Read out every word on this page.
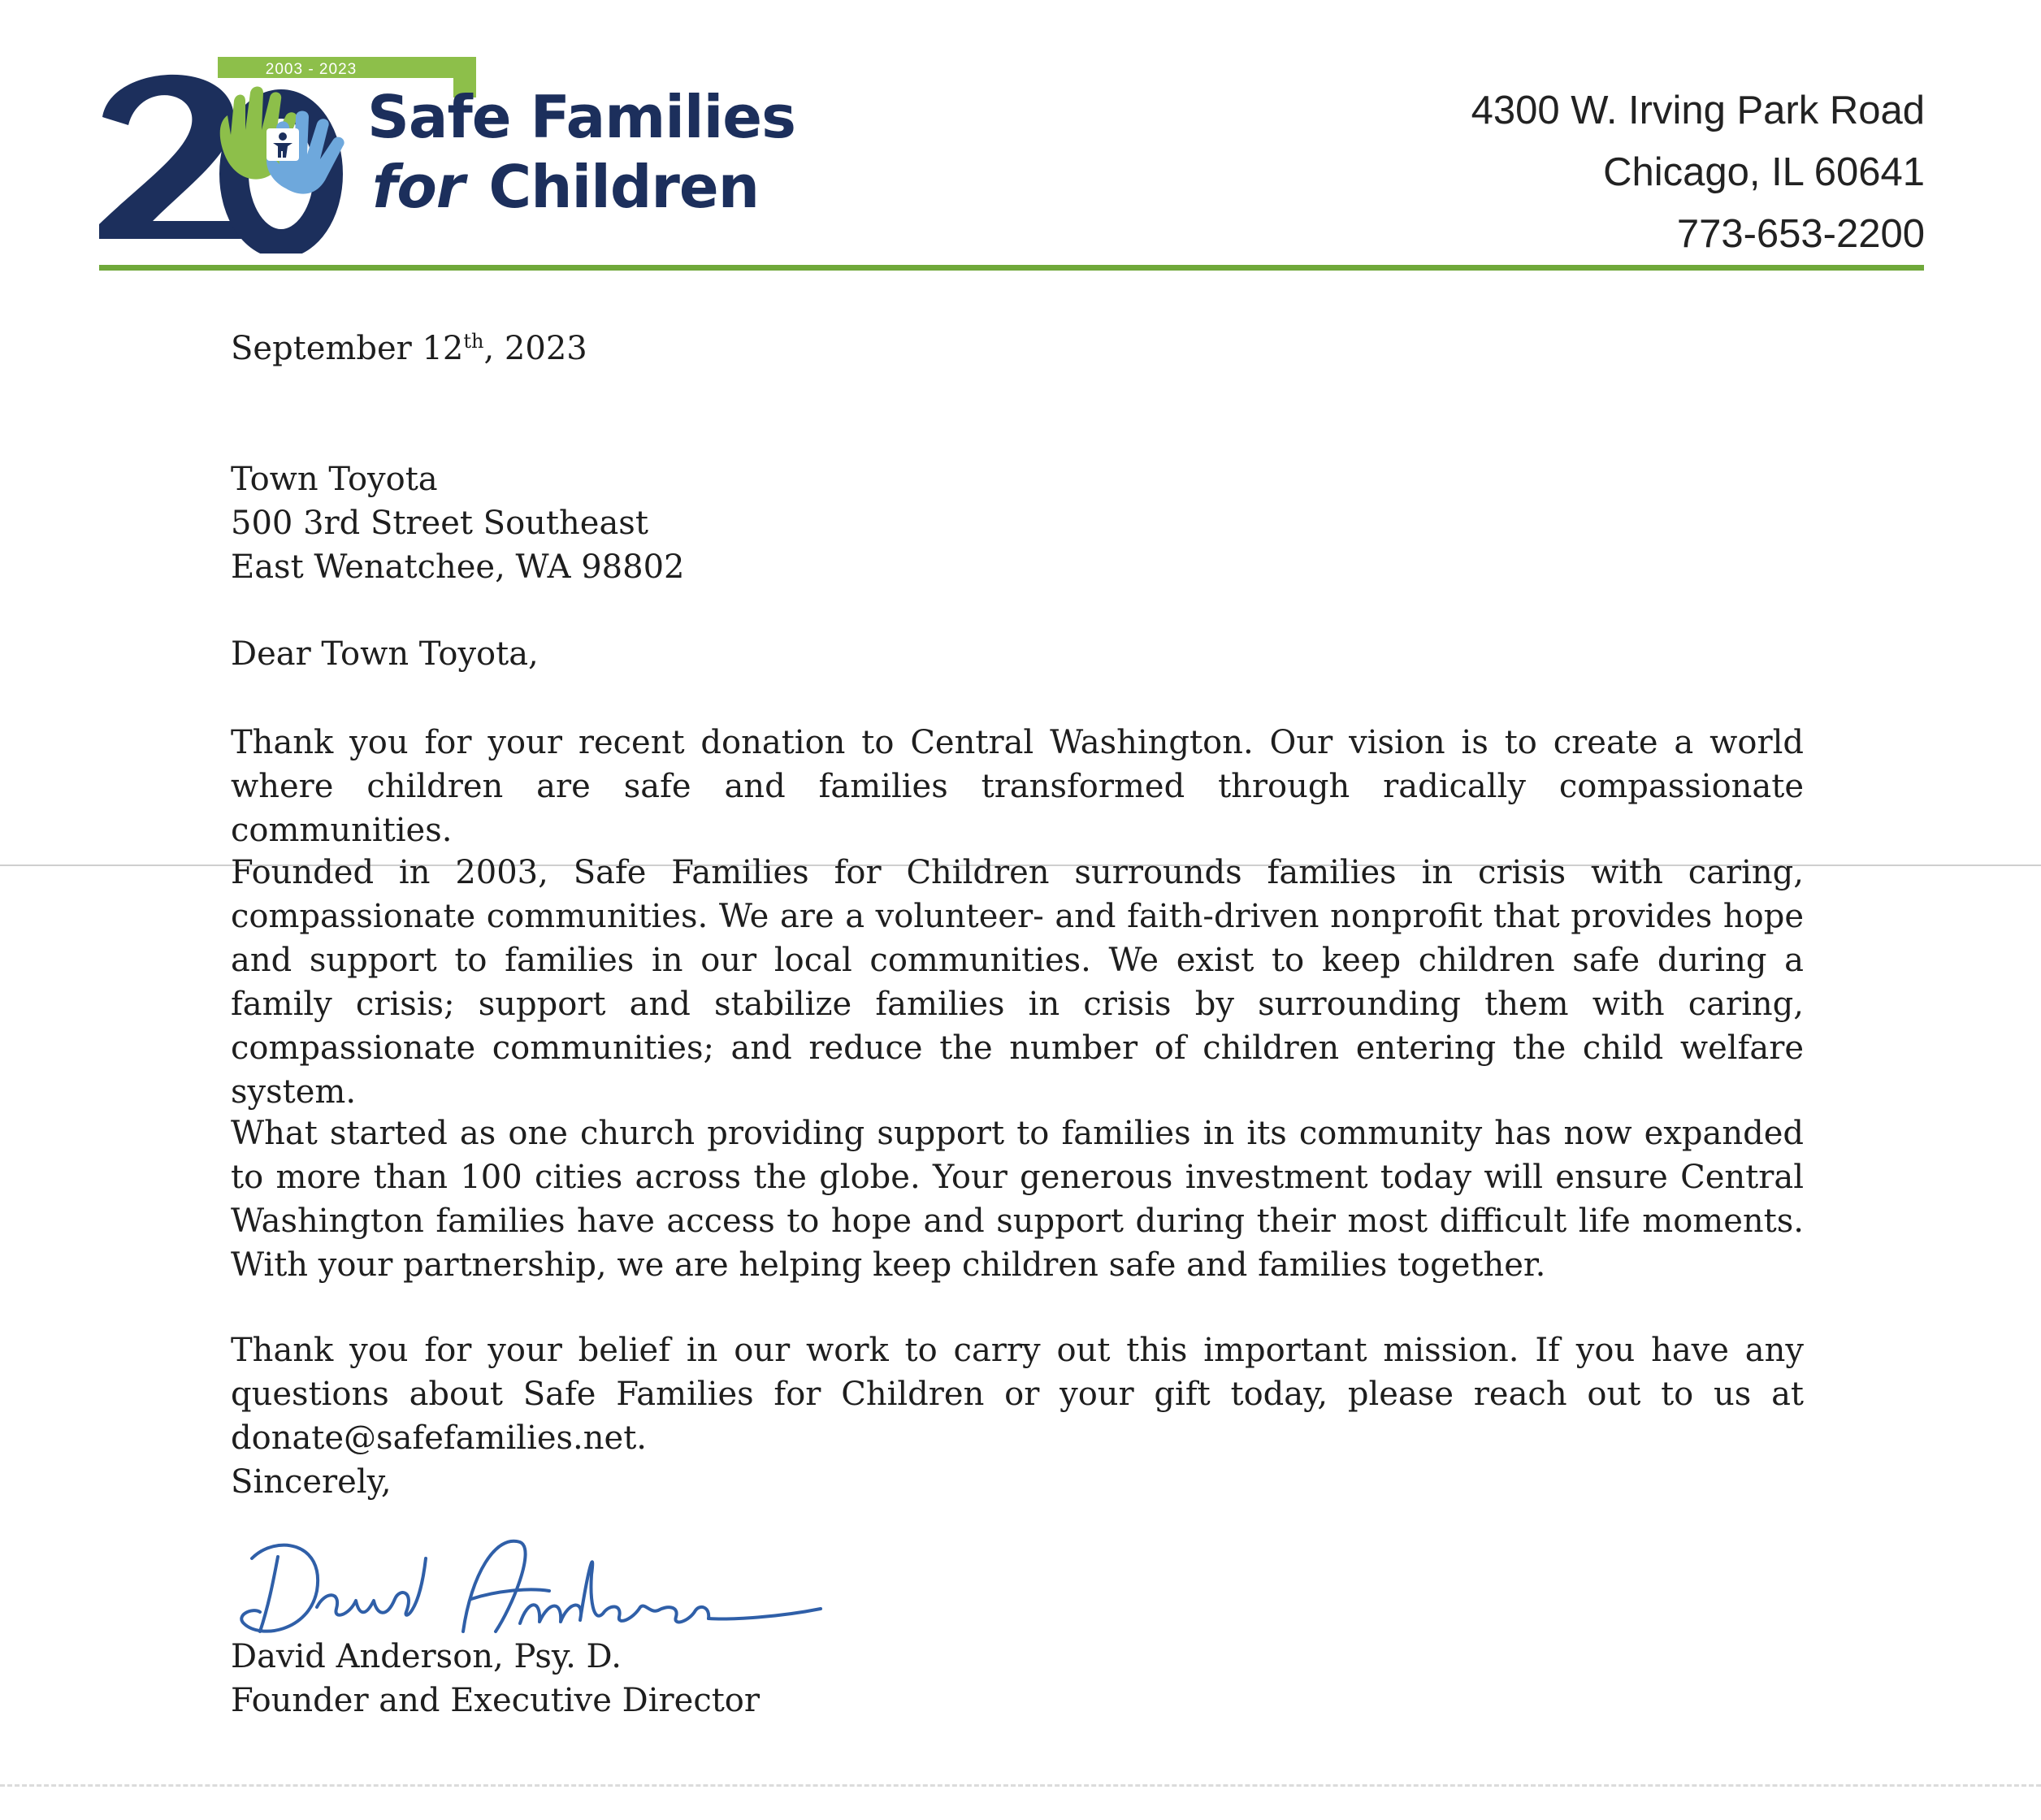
2003 - 2023
Safe Families
for Children
4300 W. Irving Park Road
Chicago, IL 60641
773-653-2200
September 12th, 2023
Town Toyota
500 3rd Street Southeast
East Wenatchee, WA 98802
Dear Town Toyota,
Thank you for your recent donation to Central Washington. Our vision is to create a world where children are safe and families transformed through radically compassionate communities.
Founded in 2003, Safe Families for Children surrounds families in crisis with caring, compassionate communities. We are a volunteer- and faith-driven nonprofit that provides hope and support to families in our local communities. We exist to keep children safe during a family crisis; support and stabilize families in crisis by surrounding them with caring, compassionate communities; and reduce the number of children entering the child welfare system.
What started as one church providing support to families in its community has now expanded to more than 100 cities across the globe. Your generous investment today will ensure Central Washington families have access to hope and support during their most difficult life moments. With your partnership, we are helping keep children safe and families together.
Thank you for your belief in our work to carry out this important mission. If you have any questions about Safe Families for Children or your gift today, please reach out to us at donate@safefamilies.net.
Sincerely,
David Anderson, Psy. D.
Founder and Executive Director
